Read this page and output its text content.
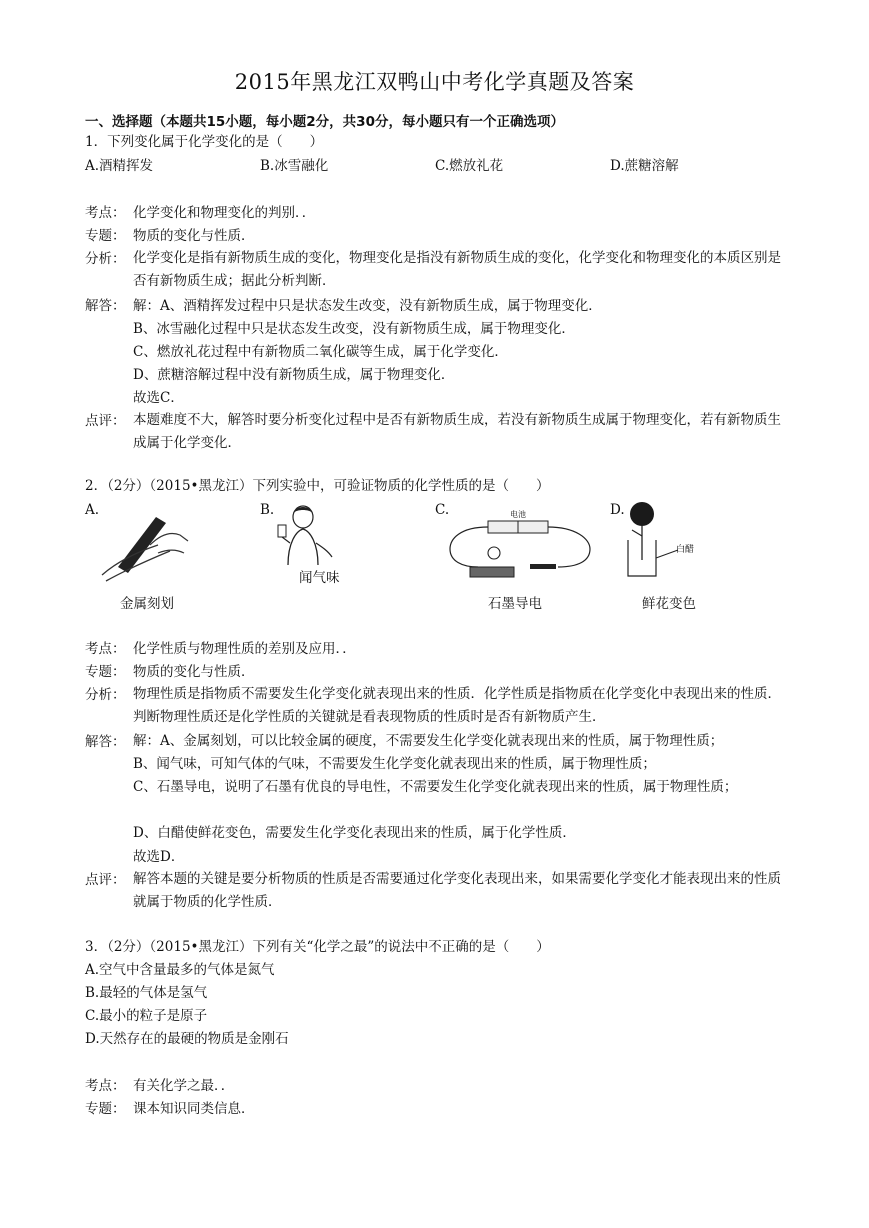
2015年黑龙江双鸭山中考化学真题及答案
一、选择题（本题共15小题，每小题2分，共30分，每小题只有一个正确选项）
1．下列变化属于化学变化的是（　　）
A.酒精挥发	B.冰雪融化	C.燃放礼花	D.蔗糖溶解
考点： 化学变化和物理变化的判别．．
专题： 物质的变化与性质．
分析： 化学变化是指有新物质生成的变化，物理变化是指没有新物质生成的变化，化学变化和物理变化的本质区别是否有新物质生成；据此分析判断．
解答： 解：A、酒精挥发过程中只是状态发生改变，没有新物质生成，属于物理变化．
B、冰雪融化过程中只是状态发生改变，没有新物质生成，属于物理变化．
C、燃放礼花过程中有新物质二氧化碳等生成，属于化学变化．
D、蔗糖溶解过程中没有新物质生成，属于物理变化．
故选C．
点评： 本题难度不大，解答时要分析变化过程中是否有新物质生成，若没有新物质生成属于物理变化，若有新物质生成属于化学变化．
2．（2分）（2015•黑龙江）下列实验中，可验证物质的化学性质的是（　　）
A.	B.	C.	D.
闻气味
电池
白醋
金属刻划	石墨导电	鲜花变色
考点： 化学性质与物理性质的差别及应用．．
专题： 物质的变化与性质．
分析： 物理性质是指物质不需要发生化学变化就表现出来的性质．化学性质是指物质在化学变化中表现出来的性质．判断物理性质还是化学性质的关键就是看表现物质的性质时是否有新物质产生．
解答： 解：A、金属刻划，可以比较金属的硬度，不需要发生化学变化就表现出来的性质，属于物理性质；
B、闻气味，可知气体的气味，不需要发生化学变化就表现出来的性质，属于物理性质；
C、石墨导电，说明了石墨有优良的导电性，不需要发生化学变化就表现出来的性质，属于物理性质；
D、白醋使鲜花变色，需要发生化学变化表现出来的性质，属于化学性质．
故选D．
点评： 解答本题的关键是要分析物质的性质是否需要通过化学变化表现出来，如果需要化学变化才能表现出来的性质就属于物质的化学性质．
3．（2分）（2015•黑龙江）下列有关“化学之最”的说法中不正确的是（　　）
A.空气中含量最多的气体是氮气
B.最轻的气体是氢气
C.最小的粒子是原子
D.天然存在的最硬的物质是金刚石
考点： 有关化学之最．．
专题： 课本知识同类信息．
